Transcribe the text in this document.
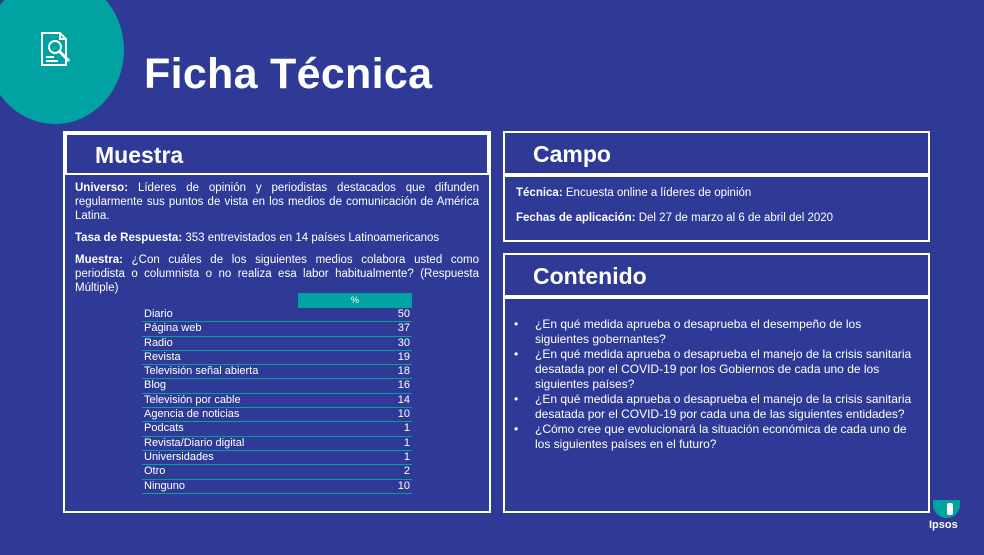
Ficha Técnica
Muestra
Universo: Líderes de opinión y periodistas destacados que difunden regularmente sus puntos de vista en los medios de comunicación de América Latina.
Tasa de Respuesta: 353 entrevistados en 14 países Latinoamericanos
Muestra: ¿Con cuáles de los siguientes medios colabora usted como periodista o columnista o no realiza esa labor habitualmente? (Respuesta Múltiple)
%
Diario	50
Página web	37
Radio	30
Revista	19
Televisión señal abierta	18
Blog	16
Televisión por cable	14
Agencia de noticias	10
Podcats	1
Revista/Diario digital	1
Universidades	1
Otro	2
Ninguno	10
Campo
Técnica: Encuesta online a líderes de opinión
Fechas de aplicación: Del 27 de marzo al 6 de abril del 2020
Contenido
• ¿En qué medida aprueba o desaprueba el desempeño de los siguientes gobernantes?
• ¿En qué medida aprueba o desaprueba el manejo de la crisis sanitaria desatada por el COVID-19 por los Gobiernos de cada uno de los siguientes países?
• ¿En qué medida aprueba o desaprueba el manejo de la crisis sanitaria desatada por el COVID-19 por cada una de las siguientes entidades?
• ¿Cómo cree que evolucionará la situación económica de cada uno de los siguientes países en el futuro?
Ipsos
